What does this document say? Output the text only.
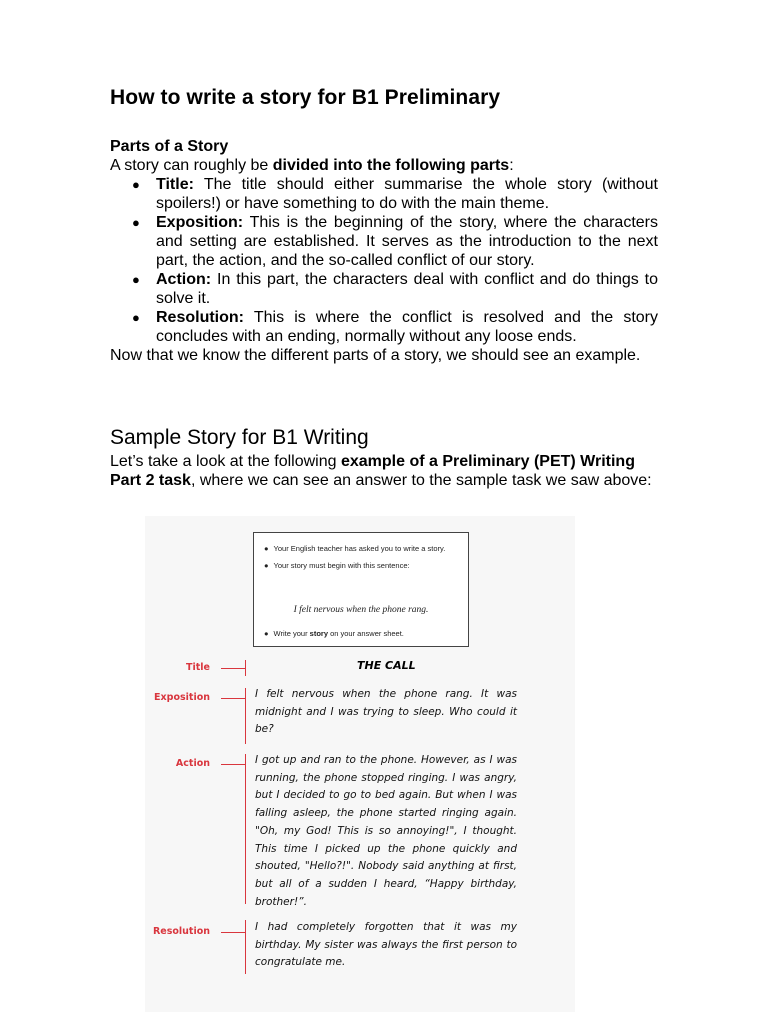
How to write a story for B1 Preliminary

Parts of a Story

A story can roughly be divided into the following parts:

● Title: The title should either summarise the whole story (without spoilers!) or have something to do with the main theme.
● Exposition: This is the beginning of the story, where the characters and setting are established. It serves as the introduction to the next part, the action, and the so-called conflict of our story.
● Action: In this part, the characters deal with conflict and do things to solve it.
● Resolution: This is where the conflict is resolved and the story concludes with an ending, normally without any loose ends.

Now that we know the different parts of a story, we should see an example.

Sample Story for B1 Writing

Let’s take a look at the following example of a Preliminary (PET) Writing Part 2 task, where we can see an answer to the sample task we saw above:

● Your English teacher has asked you to write a story.
● Your story must begin with this sentence:
I felt nervous when the phone rang.
● Write your story on your answer sheet.
Title	THE CALL
Exposition	I felt nervous when the phone rang. It was midnight and I was trying to sleep. Who could it be?
Action	I got up and ran to the phone. However, as I was running, the phone stopped ringing. I was angry, but I decided to go to bed again. But when I was falling asleep, the phone started ringing again. "Oh, my God! This is so annoying!", I thought. This time I picked up the phone quickly and shouted, "Hello?!". Nobody said anything at first, but all of a sudden I heard, “Happy birthday, brother!”.
Resolution	I had completely forgotten that it was my birthday. My sister was always the first person to congratulate me.
